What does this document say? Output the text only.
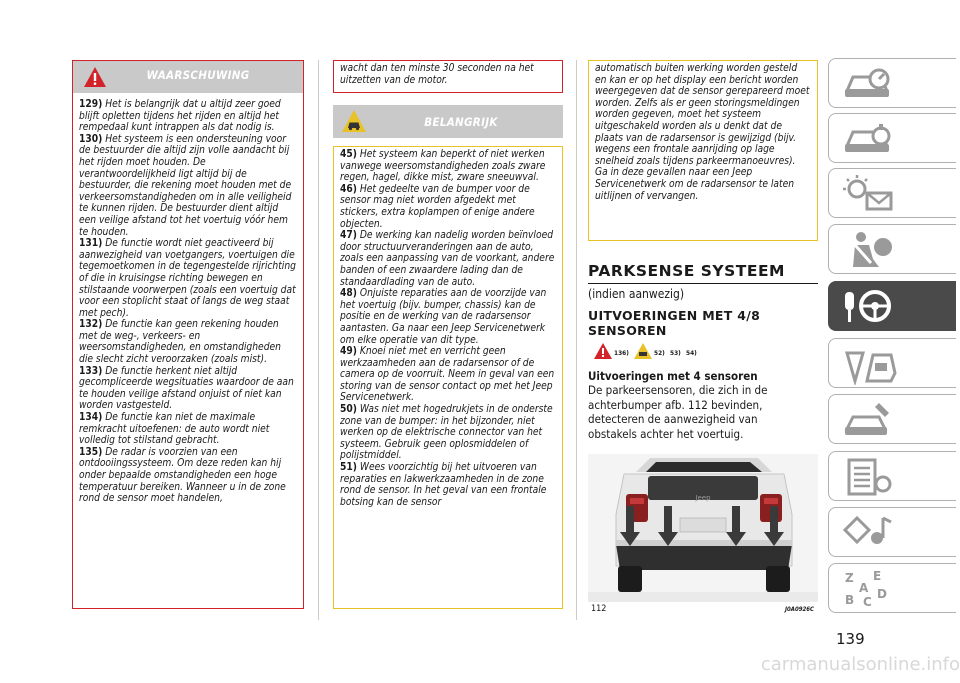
WAARSCHUWING

129) Het is belangrijk dat u altijd zeer goed blijft opletten tijdens het rijden en altijd het rempedaal kunt intrappen als dat nodig is.

130) Het systeem is een ondersteuning voor de bestuurder die altijd zijn volle aandacht bij het rijden moet houden. De verantwoordelijkheid ligt altijd bij de bestuurder, die rekening moet houden met de verkeersomstandigheden om in alle veiligheid te kunnen rijden. De bestuurder dient altijd een veilige afstand tot het voertuig vóór hem te houden.

131) De functie wordt niet geactiveerd bij aanwezigheid van voetgangers, voertuigen die tegemoetkomen in de tegengestelde rijrichting of die in kruisingse richting bewegen en stilstaande voorwerpen (zoals een voertuig dat voor een stoplicht staat of langs de weg staat met pech).

132) De functie kan geen rekening houden met de weg-, verkeers- en weersomstandigheden, en omstandigheden die slecht zicht veroorzaken (zoals mist).

133) De functie herkent niet altijd gecompliceerde wegsituaties waardoor de aan te houden veilige afstand onjuist of niet kan worden vastgesteld.

134) De functie kan niet de maximale remkracht uitoefenen: de auto wordt niet volledig tot stilstand gebracht.

135) De radar is voorzien van een ontdooiingssysteem. Om deze reden kan hij onder bepaalde omstandigheden een hoge temperatuur bereiken. Wanneer u in de zone rond de sensor moet handelen,

wacht dan ten minste 30 seconden na het uitzetten van de motor.
BELANGRIJK

45) Het systeem kan beperkt of niet werken vanwege weersomstandigheden zoals zware regen, hagel, dikke mist, zware sneeuwval.

46) Het gedeelte van de bumper voor de sensor mag niet worden afgedekt met stickers, extra koplampen of enige andere objecten.

47) De werking kan nadelig worden beïnvloed door structuurveranderingen aan de auto, zoals een aanpassing van de voorkant, andere banden of een zwaardere lading dan de standaardlading van de auto.

48) Onjuiste reparaties aan de voorzijde van het voertuig (bijv. bumper, chassis) kan de positie en de werking van de radarsensor aantasten. Ga naar een Jeep Servicenetwerk om elke operatie van dit type.

49) Knoei niet met en verricht geen werkzaamheden aan de radarsensor of de camera op de voorruit. Neem in geval van een storing van de sensor contact op met het Jeep Servicenetwerk.

50) Was niet met hogedrukjets in de onderste zone van de bumper: in het bijzonder, niet werken op de elektrische connector van het systeem. Gebruik geen oplosmiddelen of polijstmiddel.

51) Wees voorzichtig bij het uitvoeren van reparaties en lakwerkzaamheden in de zone rond de sensor. In het geval van een frontale botsing kan de sensor

automatisch buiten werking worden gesteld en kan er op het display een bericht worden weergegeven dat de sensor gerepareerd moet worden. Zelfs als er geen storingsmeldingen worden gegeven, moet het systeem uitgeschakeld worden als u denkt dat de plaats van de radarsensor is gewijzigd (bijv. wegens een frontale aanrijding op lage snelheid zoals tijdens parkeermanoeuvres). Ga in deze gevallen naar een Jeep Servicenetwerk om de radarsensor te laten uitlijnen of vervangen.
PARKSENSE SYSTEEM
(indien aanwezig)
UITVOERINGEN MET 4/8 SENSOREN
136)	52) 53) 54)
Uitvoeringen met 4 sensoren
De parkeersensoren, die zich in de achterbumper afb. 112 bevinden, detecteren de aanwezigheid van obstakels achter het voertuig.
Jeep
112	J0A0926C
139
Z E
A
B D
C
carmanualsonline.info
